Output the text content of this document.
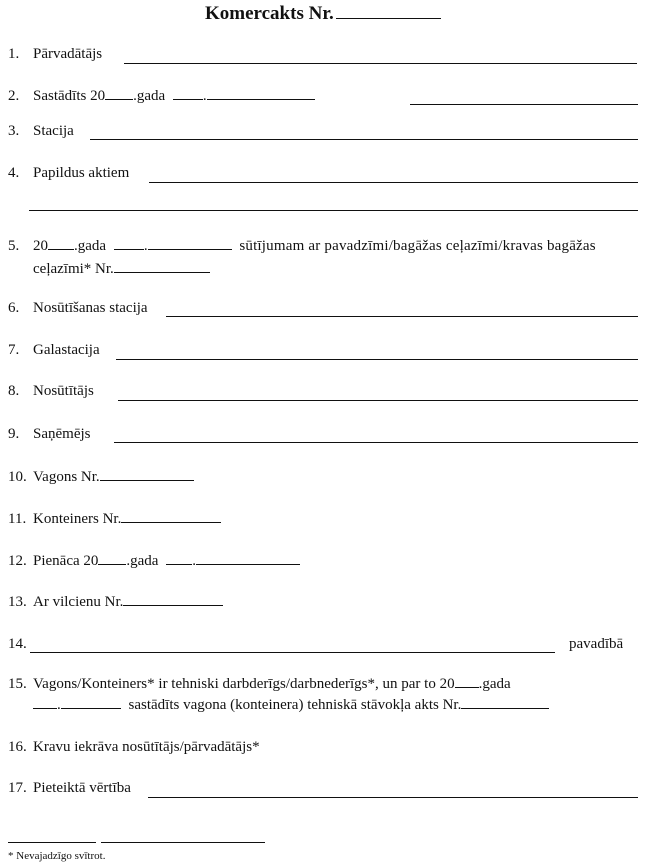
Komercakts Nr.
1. Pārvadātājs
2. Sastādīts 20 .gada	.
3. Stacija
4. Papildus aktiem
5. 20 .gada	.	sūtījumam ar pavadzīmi/bagāžas ceļazīmi/kravas bagāžas
ceļazīmi* Nr.
6. Nosūtīšanas stacija
7. Galastacija
8. Nosūtītājs
9. Saņēmējs
10. Vagons Nr.
11. Konteiners Nr.
12. Pienāca 20 .gada .
13. Ar vilcienu Nr.
14.	pavadībā
15. Vagons/Konteiners* ir tehniski darbderīgs/darbnederīgs*, un par to 20 .gada
.	sastādīts vagona (konteinera) tehniskā stāvokļa akts Nr.
16. Kravu iekrāva nosūtītājs/pārvadātājs*
17. Pieteiktā vērtība
* Nevajadzīgo svītrot.
